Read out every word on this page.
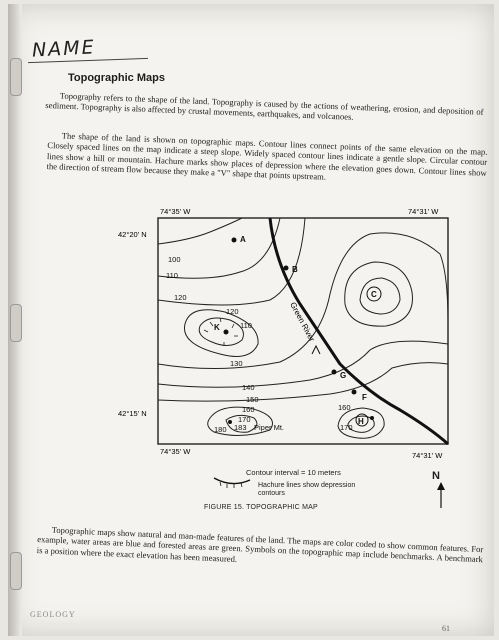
NAME
Topographic Maps
Topography refers to the shape of the land. Topography is caused by the actions of weathering, erosion, and deposition of sediment. Topography is also affected by crustal movements, earthquakes, and volcanoes.
The shape of the land is shown on topographic maps. Contour lines connect points of the same elevation on the map. Closely spaced lines on the map indicate a steep slope. Widely spaced contour lines indicate a gentle slope. Circular contour lines show a hill or mountain. Hachure marks show places of depression where the elevation goes down. Contour lines show the direction of stream flow because they make a "V" shape that points upstream.
74°35' W	74°31' W
74°35' W	74°31' W
42°20' N
42°15' N
Green River
100
110
120
120
110
130
140
150
160
170
180 183
160
170
Piper Mt.
A
B
C
G
F
K
H
Contour interval = 10 meters
Hachure lines show depression contours
N
FIGURE 15. TOPOGRAPHIC MAP
Topographic maps show natural and man-made features of the land. The maps are color coded to show common features. For example, water areas are blue and forested areas are green. Symbols on the topographic map include benchmarks. A benchmark is a position where the exact elevation has been measured.
GEOLOGY
61
